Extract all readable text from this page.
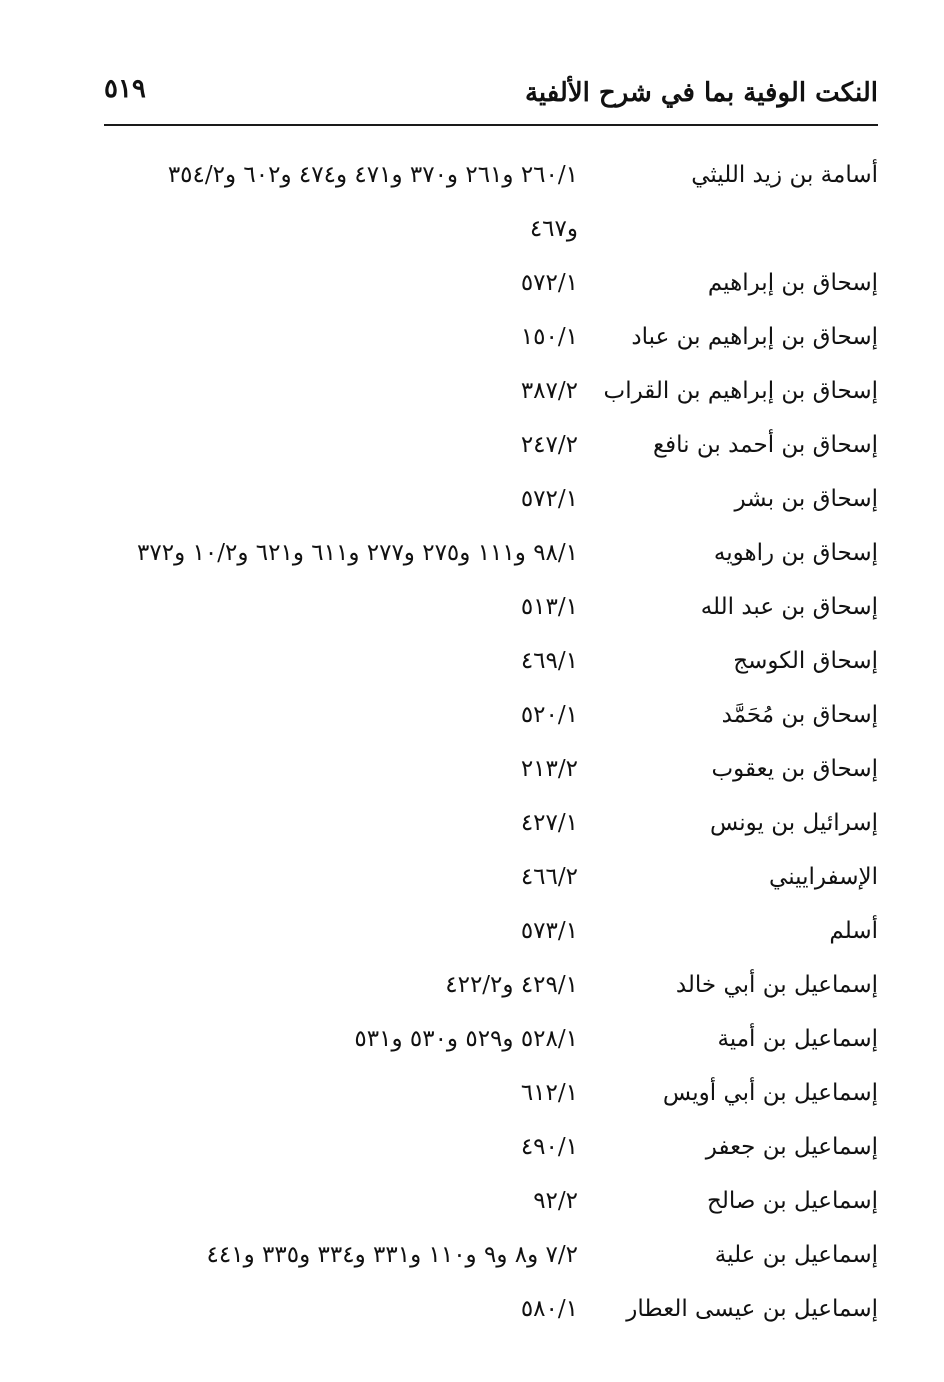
النكت الوفية بما في شرح الألفية
٥١٩
أسامة بن زيد الليثي
٢٦٠/١ و٢٦١ و٣٧٠ و٤٧١ و٤٧٤ و٦٠٢ و٣٥٤/٢
و٤٦٧
إسحاق بن إبراهيم
٥٧٢/١
إسحاق بن إبراهيم بن عباد
١٥٠/١
إسحاق بن إبراهيم بن القراب
٣٨٧/٢
إسحاق بن أحمد بن نافع
٢٤٧/٢
إسحاق بن بشر
٥٧٢/١
إسحاق بن راهويه
٩٨/١ و١١١ و٢٧٥ و٢٧٧ و٦١١ و٦٢١ و١٠/٢ و٣٧٢
إسحاق بن عبد الله
٥١٣/١
إسحاق الكوسج
٤٦٩/١
إسحاق بن مُحَمَّد
٥٢٠/١
إسحاق بن يعقوب
٢١٣/٢
إسرائيل بن يونس
٤٢٧/١
الإسفراييني
٤٦٦/٢
أسلم
٥٧٣/١
إسماعيل بن أبي خالد
٤٢٩/١ و٤٢٢/٢
إسماعيل بن أمية
٥٢٨/١ و٥٢٩ و٥٣٠ و٥٣١
إسماعيل بن أبي أويس
٦١٢/١
إسماعيل بن جعفر
٤٩٠/١
إسماعيل بن صالح
٩٢/٢
إسماعيل بن علية
٧/٢ و٨ و٩ و١١٠ و٣٣١ و٣٣٤ و٣٣٥ و٤٤١
إسماعيل بن عيسى العطار
٥٨٠/١
